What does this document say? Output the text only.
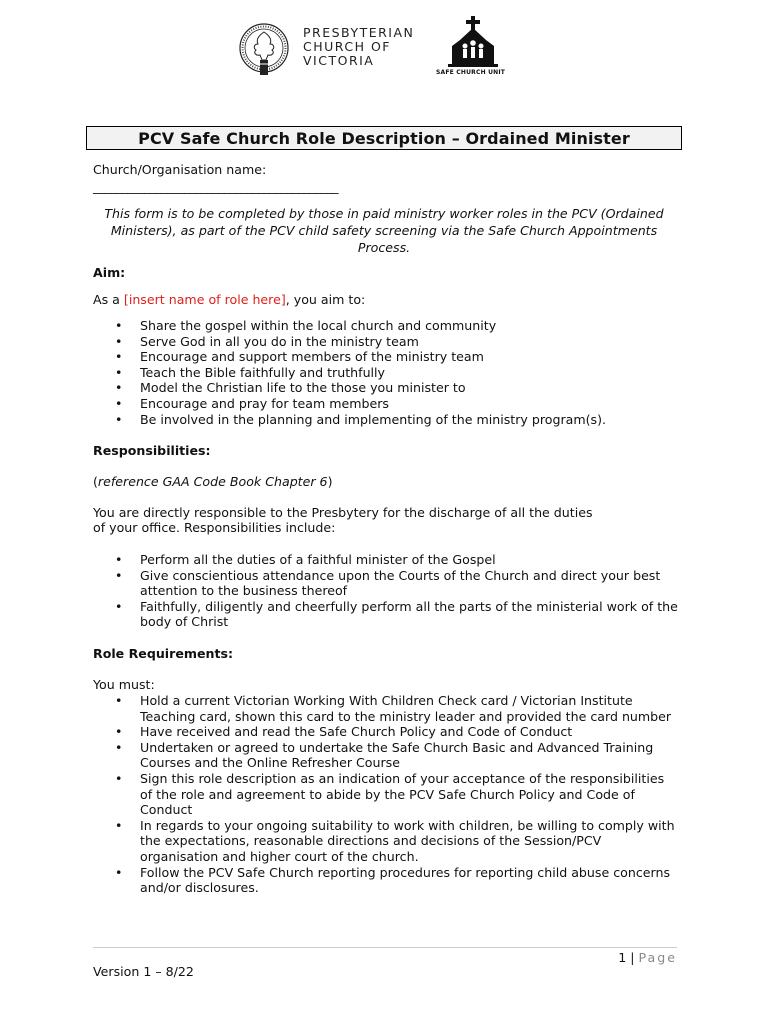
PRESBYTERIAN
CHURCH OF
VICTORIA
SAFE CHURCH UNIT
PCV Safe Church Role Description – Ordained Minister
Church/Organisation name:
___________________________________________
This form is to be completed by those in paid ministry worker roles in the PCV (Ordained Ministers), as part of the PCV child safety screening via the Safe Church Appointments Process.
Aim:
As a [insert name of role here], you aim to:
• Share the gospel within the local church and community
• Serve God in all you do in the ministry team
• Encourage and support members of the ministry team
• Teach the Bible faithfully and truthfully
• Model the Christian life to the those you minister to
• Encourage and pray for team members
• Be involved in the planning and implementing of the ministry program(s).
Responsibilities:
(reference GAA Code Book Chapter 6)
You are directly responsible to the Presbytery for the discharge of all the duties
of your office. Responsibilities include:
• Perform all the duties of a faithful minister of the Gospel
• Give conscientious attendance upon the Courts of the Church and direct your best attention to the business thereof
• Faithfully, diligently and cheerfully perform all the parts of the ministerial work of the body of Christ
Role Requirements:
You must:
• Hold a current Victorian Working With Children Check card / Victorian Institute Teaching card, shown this card to the ministry leader and provided the card number
• Have received and read the Safe Church Policy and Code of Conduct
• Undertaken or agreed to undertake the Safe Church Basic and Advanced Training Courses and the Online Refresher Course
• Sign this role description as an indication of your acceptance of the responsibilities of the role and agreement to abide by the PCV Safe Church Policy and Code of Conduct
• In regards to your ongoing suitability to work with children, be willing to comply with the expectations, reasonable directions and decisions of the Session/PCV organisation and higher court of the church.
• Follow the PCV Safe Church reporting procedures for reporting child abuse concerns and/or disclosures.
1 | Page
Version 1 – 8/22
